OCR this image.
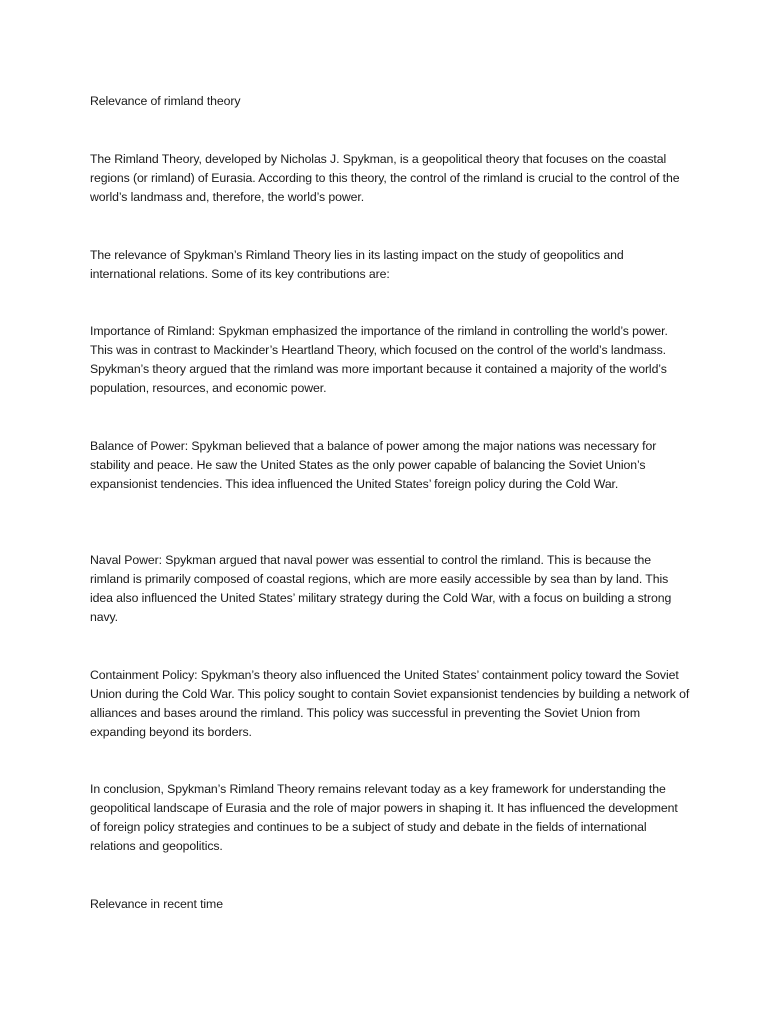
Relevance of rimland theory

The Rimland Theory, developed by Nicholas J. Spykman, is a geopolitical theory that focuses on the coastal regions (or rimland) of Eurasia. According to this theory, the control of the rimland is crucial to the control of the world’s landmass and, therefore, the world’s power.

The relevance of Spykman’s Rimland Theory lies in its lasting impact on the study of geopolitics and international relations. Some of its key contributions are:

Importance of Rimland: Spykman emphasized the importance of the rimland in controlling the world’s power. This was in contrast to Mackinder’s Heartland Theory, which focused on the control of the world’s landmass. Spykman’s theory argued that the rimland was more important because it contained a majority of the world’s population, resources, and economic power.

Balance of Power: Spykman believed that a balance of power among the major nations was necessary for stability and peace. He saw the United States as the only power capable of balancing the Soviet Union’s expansionist tendencies. This idea influenced the United States’ foreign policy during the Cold War.

Naval Power: Spykman argued that naval power was essential to control the rimland. This is because the rimland is primarily composed of coastal regions, which are more easily accessible by sea than by land. This idea also influenced the United States’ military strategy during the Cold War, with a focus on building a strong navy.

Containment Policy: Spykman’s theory also influenced the United States’ containment policy toward the Soviet Union during the Cold War. This policy sought to contain Soviet expansionist tendencies by building a network of alliances and bases around the rimland. This policy was successful in preventing the Soviet Union from expanding beyond its borders.

In conclusion, Spykman’s Rimland Theory remains relevant today as a key framework for understanding the geopolitical landscape of Eurasia and the role of major powers in shaping it. It has influenced the development of foreign policy strategies and continues to be a subject of study and debate in the fields of international relations and geopolitics.

Relevance in recent time
